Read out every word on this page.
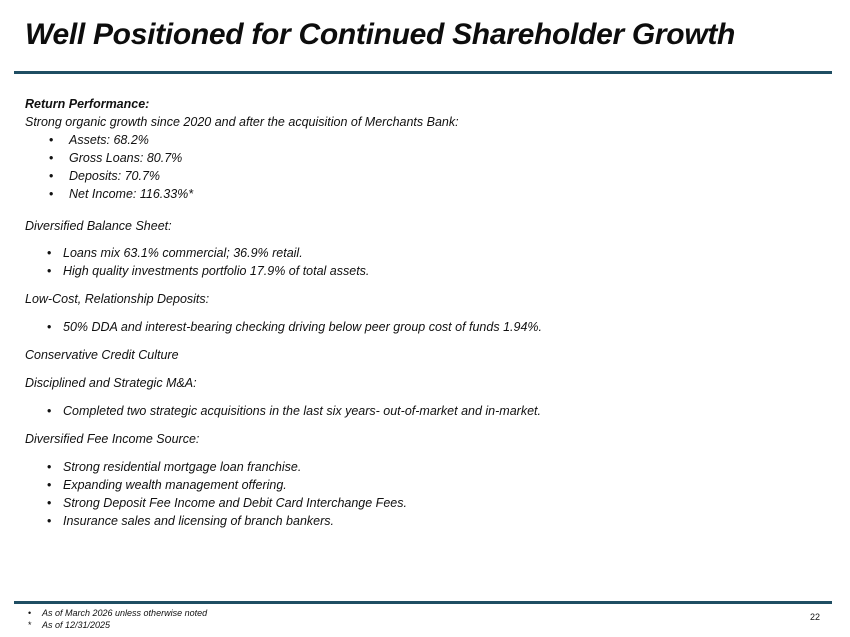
Well Positioned for Continued Shareholder Growth

Return Performance:

Strong organic growth since 2020 and after the acquisition of Merchants Bank:

• Assets: 68.2%
• Gross Loans: 80.7%
• Deposits: 70.7%
• Net Income: 116.33%*

Diversified Balance Sheet:

• Loans mix 63.1% commercial; 36.9% retail.
• High quality investments portfolio 17.9% of total assets.

Low-Cost, Relationship Deposits:

• 50% DDA and interest-bearing checking driving below peer group cost of funds 1.94%.

Conservative Credit Culture

Disciplined and Strategic M&A:

• Completed two strategic acquisitions in the last six years- out-of-market and in-market.

Diversified Fee Income Source:

• Strong residential mortgage loan franchise.
• Expanding wealth management offering.
• Strong Deposit Fee Income and Debit Card Interchange Fees.
• Insurance sales and licensing of branch bankers.
• As of March 2026 unless otherwise noted
* As of 12/31/2025
22
